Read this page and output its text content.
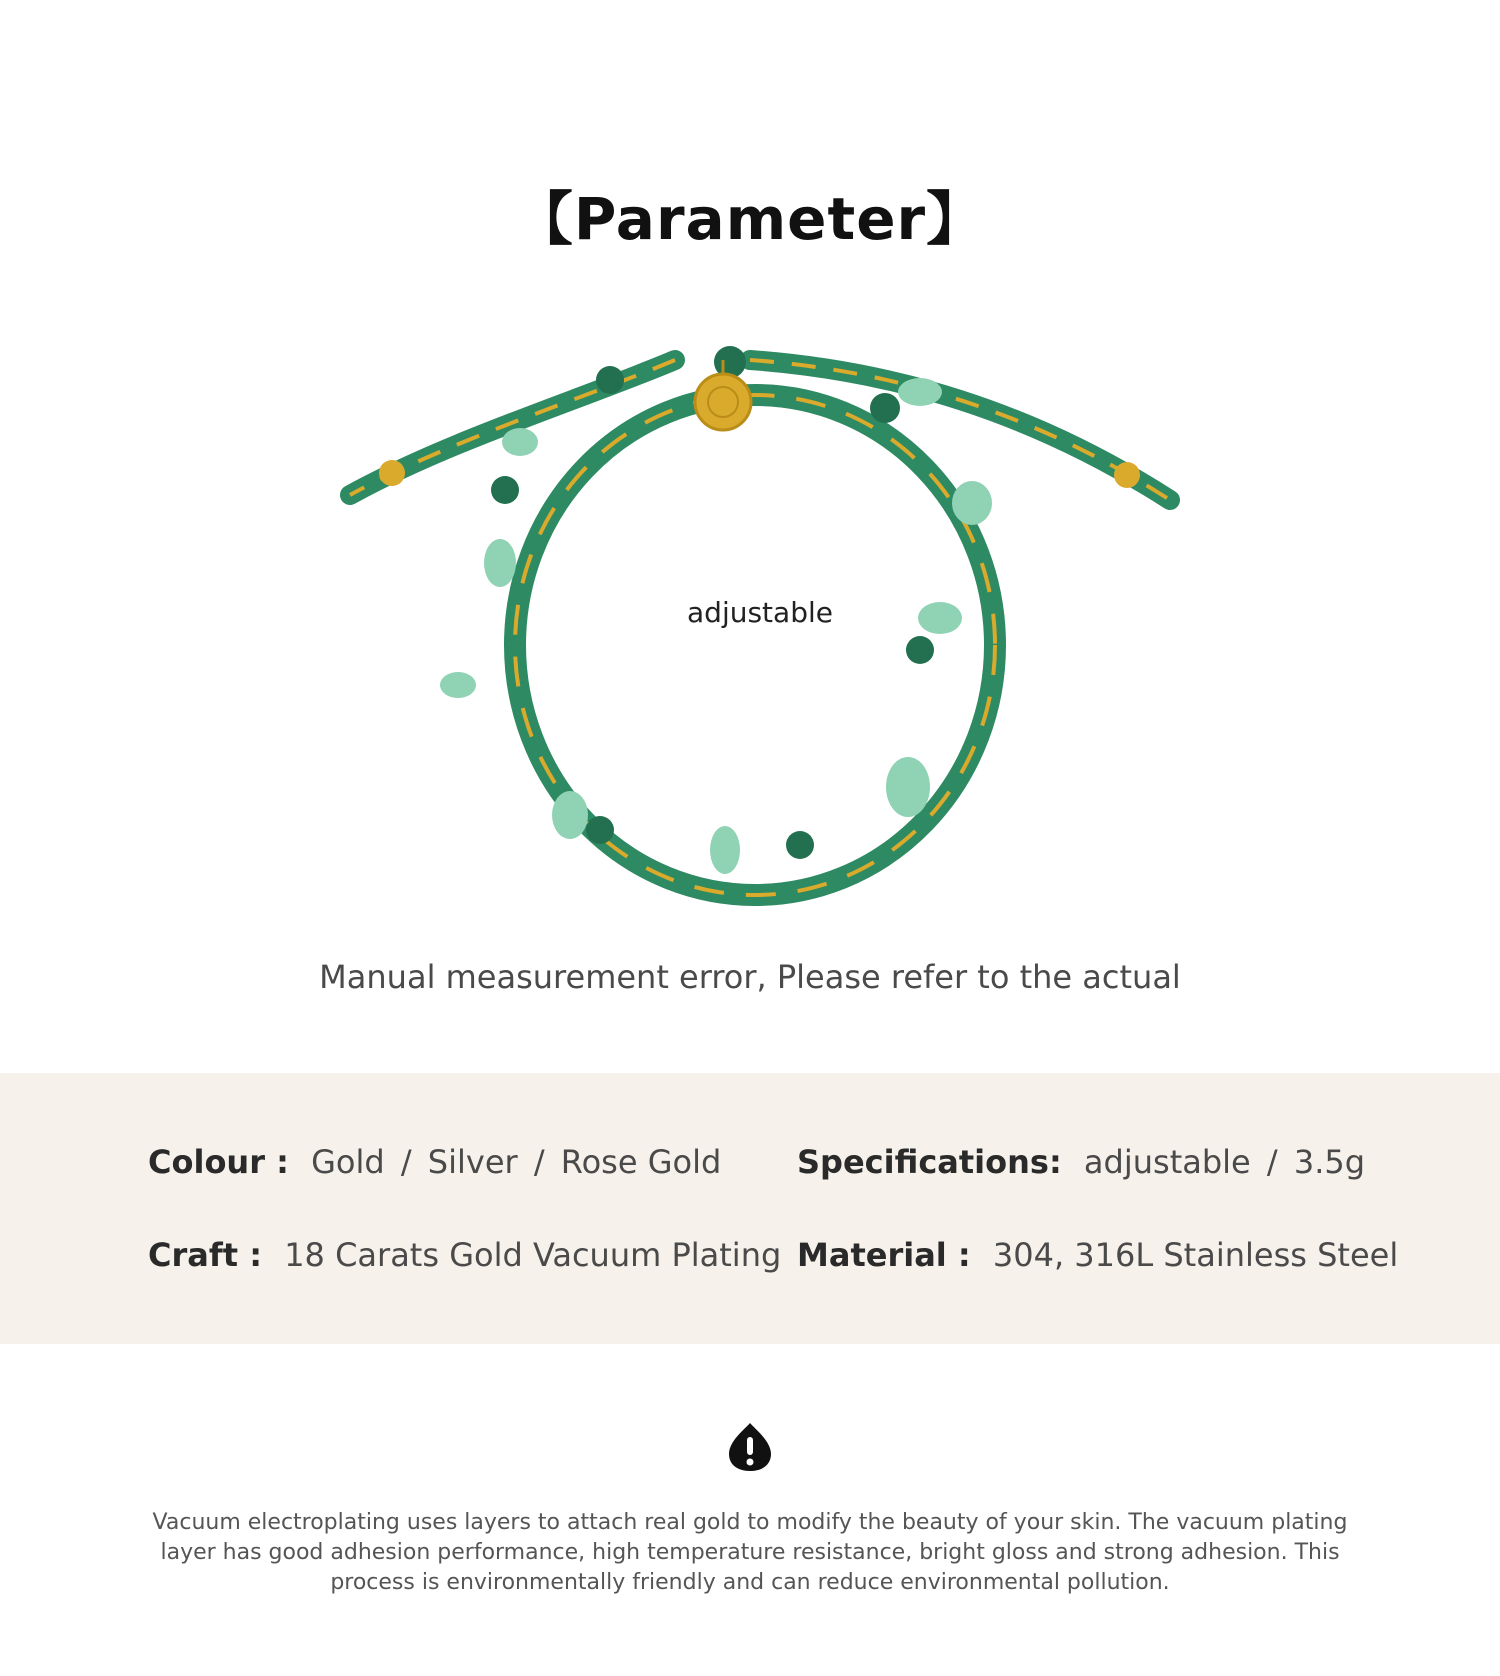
【Parameter】
adjustable
Manual measurement error, Please refer to the actual
Colour : Gold / Silver / Rose Gold Specifications: adjustable / 3.5g
Craft : 18 Carats Gold Vacuum Plating Material : 304, 316L Stainless Steel
Vacuum electroplating uses layers to attach real gold to modify the beauty of your skin. The vacuum plating layer has good adhesion performance, high temperature resistance, bright gloss and strong adhesion. This process is environmentally friendly and can reduce environmental pollution.
